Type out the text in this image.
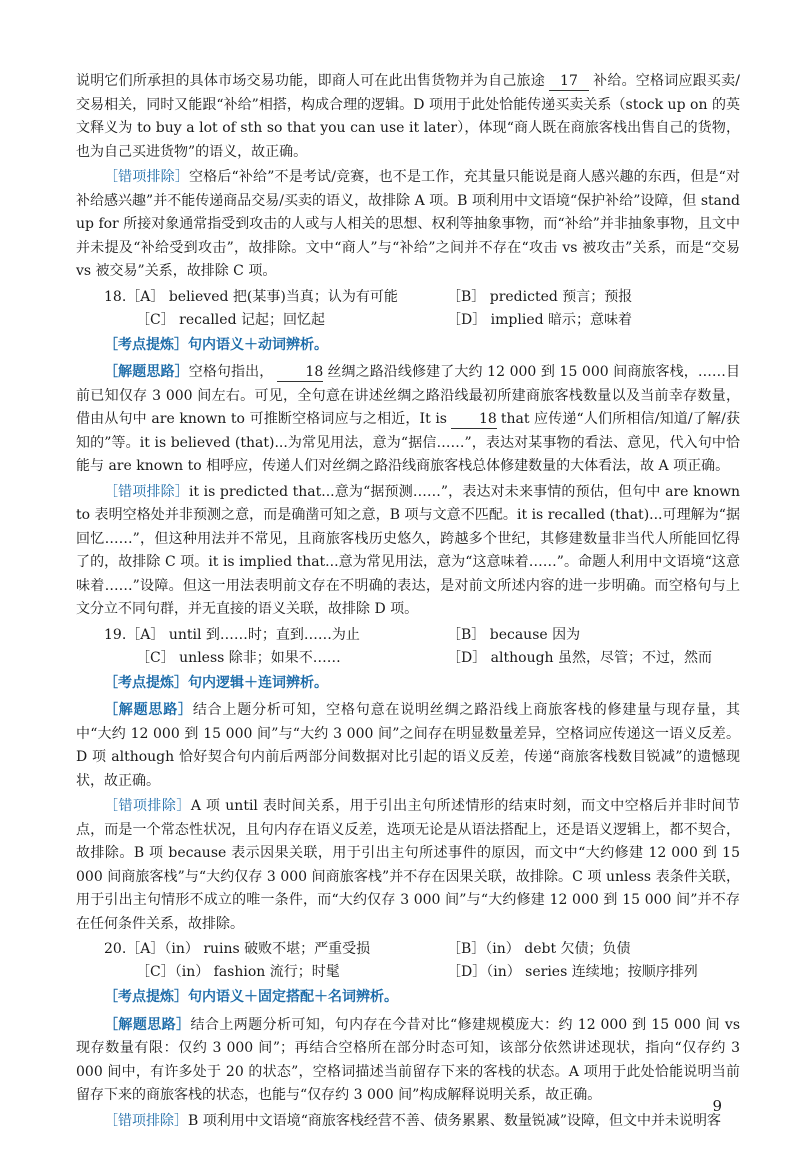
说明它们所承担的具体市场交易功能，即商人可在此出售货物并为自己旅途 17 补给。空格词应跟买卖/交易相关，同时又能跟“补给”相搭，构成合理的逻辑。D 项用于此处恰能传递买卖关系（stock up on 的英文释义为 to buy a lot of sth so that you can use it later），体现“商人既在商旅客栈出售自己的货物，也为自己买进货物”的语义，故正确。

［错项排除］空格后“补给”不是考试/竞赛，也不是工作，充其量只能说是商人感兴趣的东西，但是“对补给感兴趣”并不能传递商品交易/买卖的语义，故排除 A 项。B 项利用中文语境“保护补给”设障，但 stand up for 所接对象通常指受到攻击的人或与人相关的思想、权利等抽象事物，而“补给”并非抽象事物，且文中并未提及“补给受到攻击”，故排除。文中“商人”与“补给”之间并不存在“攻击 vs 被攻击”关系，而是“交易 vs 被交易”关系，故排除 C 项。

18.［A］ believed 把(某事)当真；认为有可能	［B］ predicted 预言；预报
［C］ recalled 记起；回忆起	［D］ implied 暗示；意味着

［考点提炼］句内语义＋动词辨析。

［解题思路］空格句指出， 18 丝绸之路沿线修建了大约 12 000 到 15 000 间商旅客栈，……目前已知仅存 3 000 间左右。可见，全句意在讲述丝绸之路沿线最初所建商旅客栈数量以及当前幸存数量，借由从句中 are known to 可推断空格词应与之相近，It is 18 that 应传递“人们所相信/知道/了解/获知的”等。it is believed (that)...为常见用法，意为“据信……”，表达对某事物的看法、意见，代入句中恰能与 are known to 相呼应，传递人们对丝绸之路沿线商旅客栈总体修建数量的大体看法，故 A 项正确。

［错项排除］it is predicted that...意为“据预测……”，表达对未来事情的预估，但句中 are known to 表明空格处并非预测之意，而是确凿可知之意，B 项与文意不匹配。it is recalled (that)...可理解为“据回忆……”，但这种用法并不常见，且商旅客栈历史悠久，跨越多个世纪，其修建数量非当代人所能回忆得了的，故排除 C 项。it is implied that...意为常见用法，意为“这意味着……”。命题人利用中文语境“这意味着……”设障。但这一用法表明前文存在不明确的表达，是对前文所述内容的进一步明确。而空格句与上文分立不同句群，并无直接的语义关联，故排除 D 项。

19.［A］ until 到……时；直到……为止	［B］ because 因为
［C］ unless 除非；如果不……	［D］ although 虽然，尽管；不过，然而

［考点提炼］句内逻辑＋连词辨析。

［解题思路］结合上题分析可知，空格句意在说明丝绸之路沿线上商旅客栈的修建量与现存量，其中“大约 12 000 到 15 000 间”与“大约 3 000 间”之间存在明显数量差异，空格词应传递这一语义反差。D 项 although 恰好契合句内前后两部分间数据对比引起的语义反差，传递“商旅客栈数目锐减”的遗憾现状，故正确。

［错项排除］A 项 until 表时间关系，用于引出主句所述情形的结束时刻，而文中空格后并非时间节点，而是一个常态性状况，且句内存在语义反差，选项无论是从语法搭配上，还是语义逻辑上，都不契合，故排除。B 项 because 表示因果关联，用于引出主句所述事件的原因，而文中“大约修建 12 000 到 15 000 间商旅客栈”与“大约仅存 3 000 间商旅客栈”并不存在因果关联，故排除。C 项 unless 表条件关联，用于引出主句情形不成立的唯一条件，而“大约仅存 3 000 间”与“大约修建 12 000 到 15 000 间”并不存在任何条件关系，故排除。

20.［A］（in） ruins 破败不堪；严重受损	［B］（in） debt 欠债；负债
［C］（in） fashion 流行；时髦	［D］（in） series 连续地；按顺序排列

［考点提炼］句内语义＋固定搭配＋名词辨析。

［解题思路］结合上两题分析可知，句内存在今昔对比“修建规模庞大：约 12 000 到 15 000 间 vs 现存数量有限：仅约 3 000 间”；再结合空格所在部分时态可知，该部分依然讲述现状，指向“仅存约 3 000 间中，有许多处于 20 的状态”，空格词描述当前留存下来的客栈的状态。A 项用于此处恰能说明当前留存下来的商旅客栈的状态，也能与“仅存约 3 000 间”构成解释说明关系，故正确。

［错项排除］B 项利用中文语境“商旅客栈经营不善、债务累累、数量锐减”设障，但文中并未说明客

9
